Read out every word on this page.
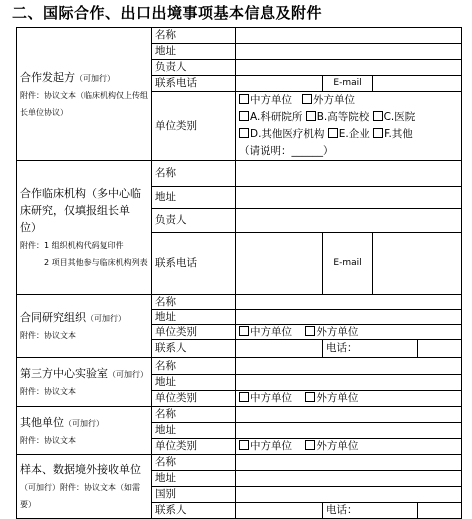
二、国际合作、出口出境事项基本信息及附件
合作发起方（可加行）
附件：协议文本（临床机构仅上传组长单位协议）	名称				
	地址				
	负责人				
	联系电话		E-mail		
	单位类别	中方单位 外方单位
A.科研院所 B.高等院校 C.医院
D.其他医疗机构 E.企业 F.其他
（请说明：______）			

合作临床机构（多中心临床研究，仅填报组长单位）
附件：1 组织机构代码复印件
2 项目其他参与临床机构列表	名称				
	地址				
	负责人				
	联系电话		E-mail		
合同研究组织（可加行）
附件：协议文本	名称				
	地址				
	单位类别	中方单位 外方单位			
	联系人		电话：		
第三方中心实验室（可加行）
附件：协议文本	名称				
	地址				
	单位类别	中方单位 外方单位			
其他单位（可加行）
附件：协议文本	名称				
	地址				
	单位类别	中方单位 外方单位			
样本、数据境外接收单位
（可加行）附件：协议文本（如需要）	名称				
	地址				
	国别				
	联系人		电话：		
